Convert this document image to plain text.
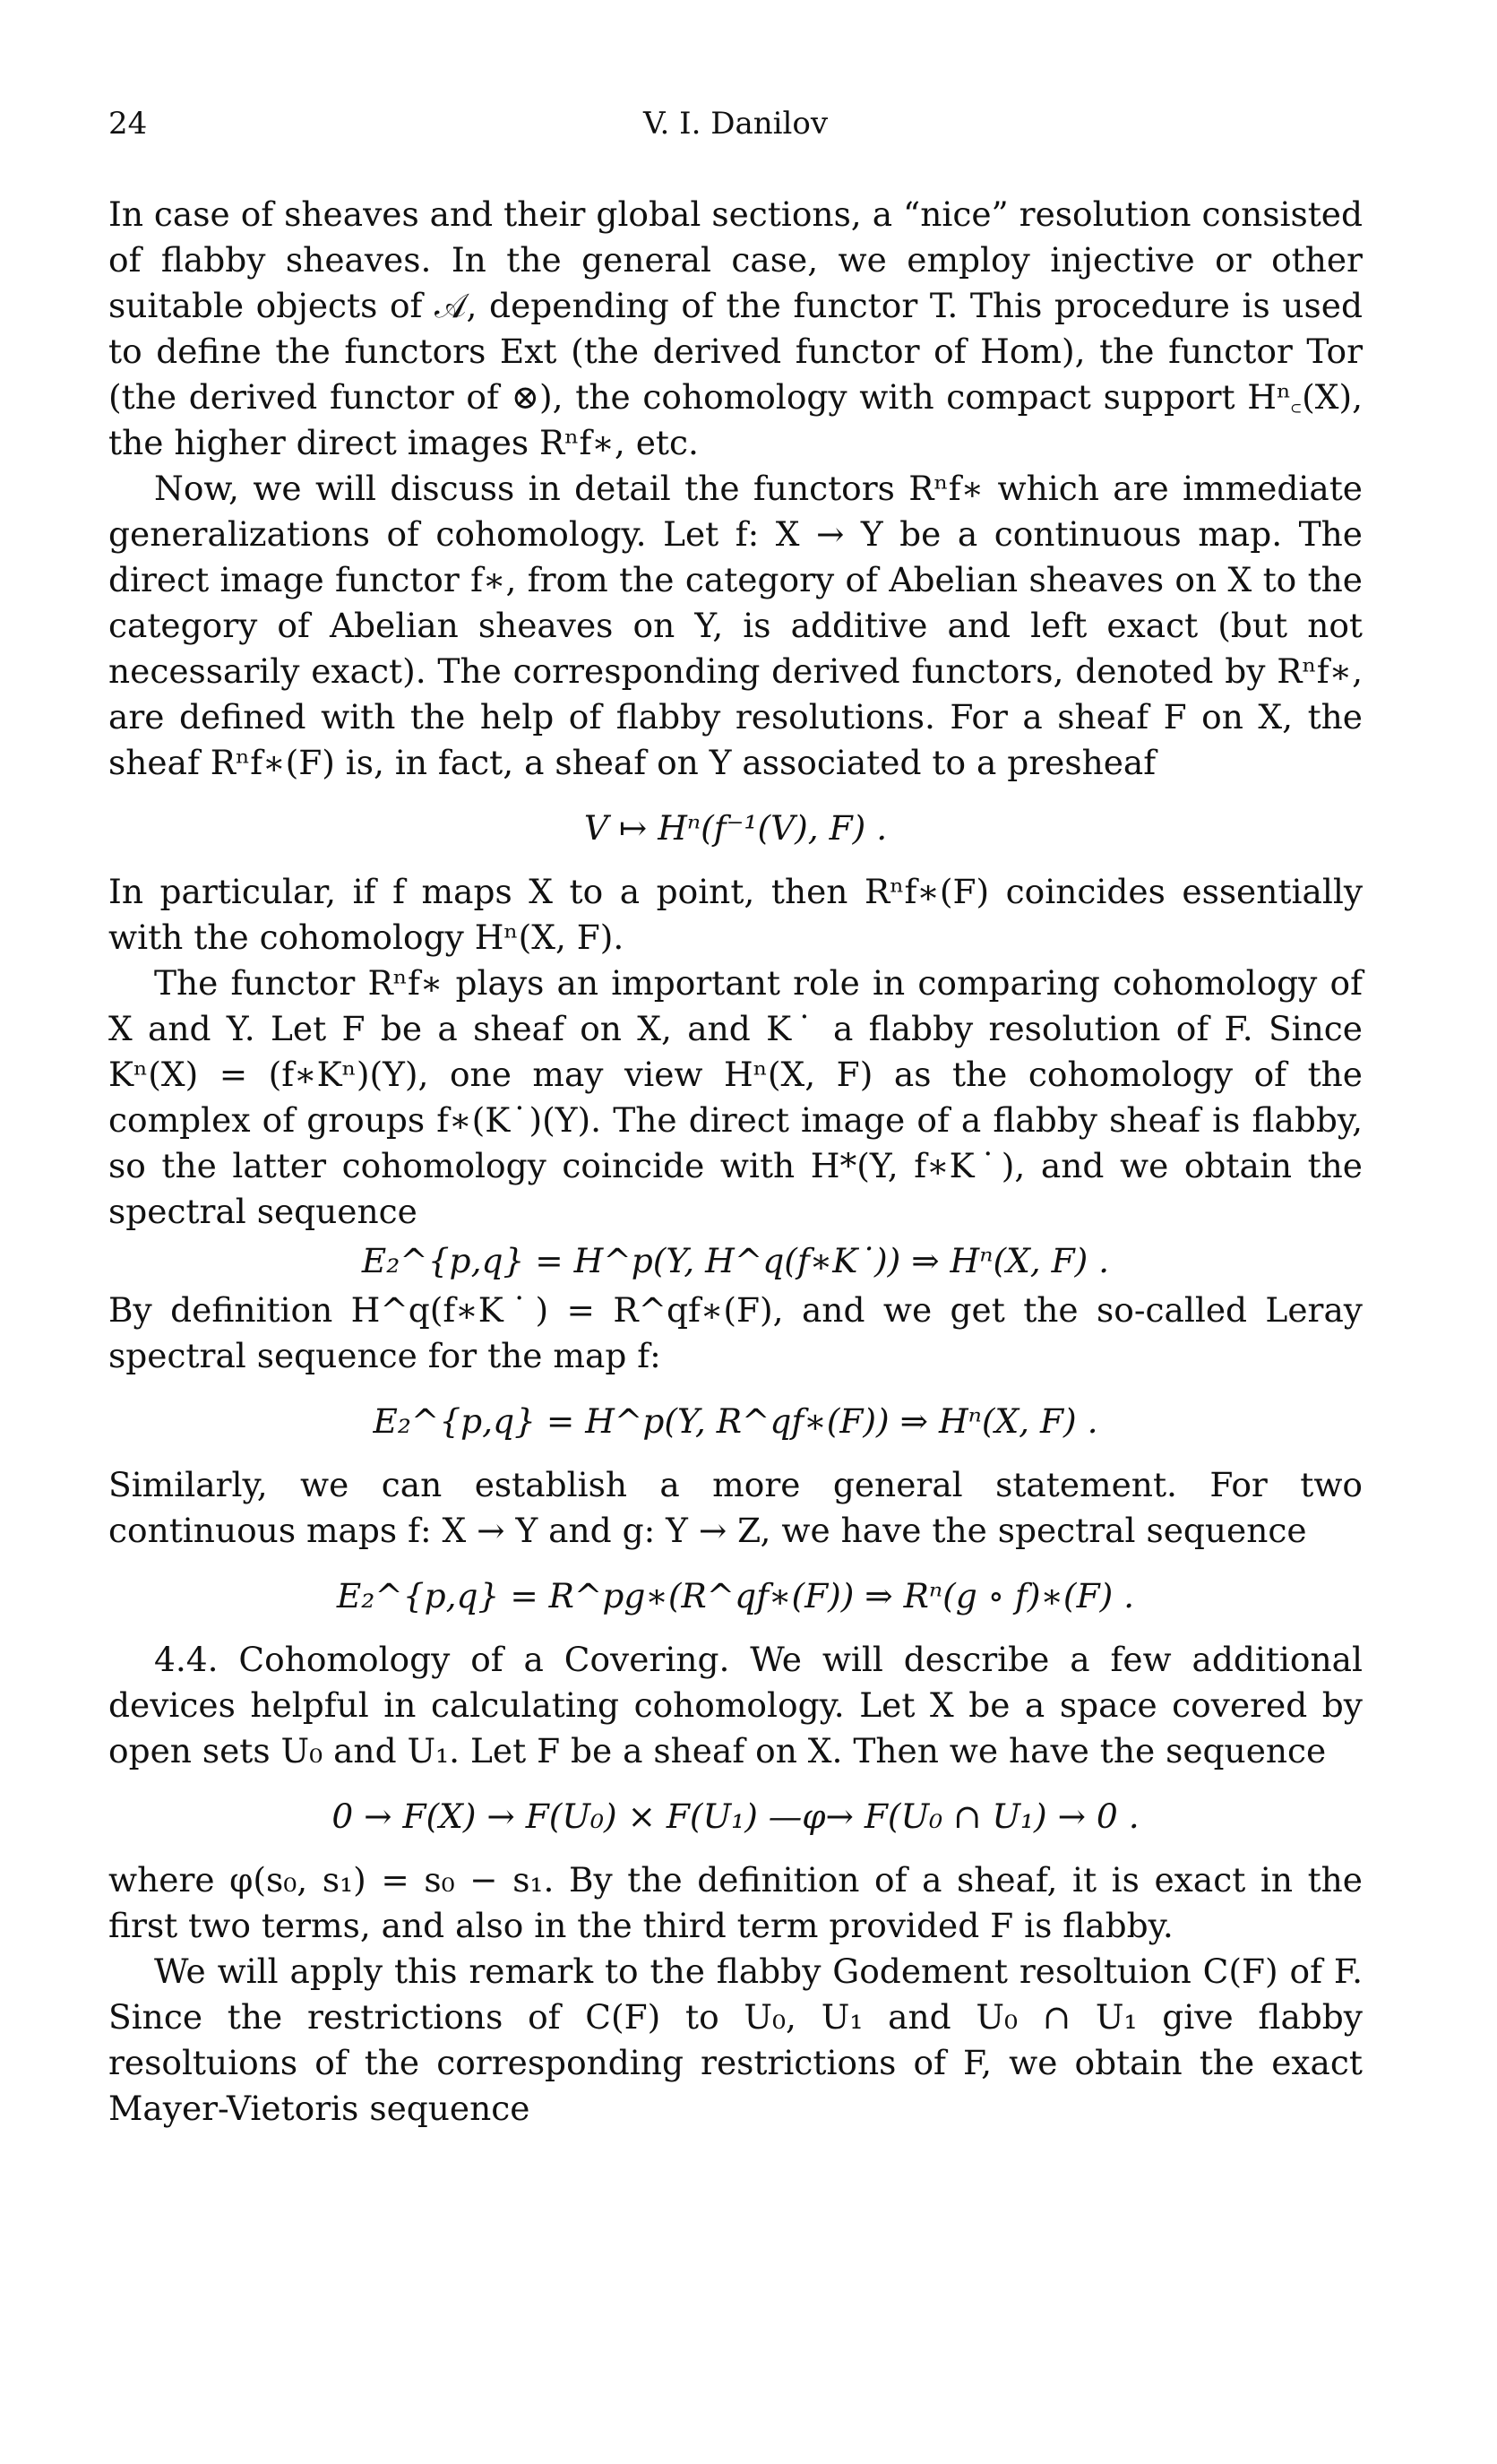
24	V. I. Danilov

In case of sheaves and their global sections, a “nice” resolution consisted of flabby sheaves. In the general case, we employ injective or other suitable objects of 𝒜, depending of the functor T. This procedure is used to define the functors Ext (the derived functor of Hom), the functor Tor (the derived functor of ⊗), the cohomology with compact support Hⁿ꜀(X), the higher direct images Rⁿf∗, etc.

Now, we will discuss in detail the functors Rⁿf∗ which are immediate generalizations of cohomology. Let f: X → Y be a continuous map. The direct image functor f∗, from the category of Abelian sheaves on X to the category of Abelian sheaves on Y, is additive and left exact (but not necessarily exact). The corresponding derived functors, denoted by Rⁿf∗, are defined with the help of flabby resolutions. For a sheaf F on X, the sheaf Rⁿf∗(F) is, in fact, a sheaf on Y associated to a presheaf

V ↦ Hⁿ(f⁻¹(V), F) .

In particular, if f maps X to a point, then Rⁿf∗(F) coincides essentially with the cohomology Hⁿ(X, F).

The functor Rⁿf∗ plays an important role in comparing cohomology of X and Y. Let F be a sheaf on X, and K˙ a flabby resolution of F. Since Kⁿ(X) = (f∗Kⁿ)(Y), one may view Hⁿ(X, F) as the cohomology of the complex of groups f∗(K˙)(Y). The direct image of a flabby sheaf is flabby, so the latter cohomology coincide with H*(Y, f∗K˙), and we obtain the spectral sequence

E₂^{p,q} = H^p(Y, H^q(f∗K˙)) ⇒ Hⁿ(X, F) .

By definition H^q(f∗K˙) = R^qf∗(F), and we get the so-called Leray spectral sequence for the map f:

E₂^{p,q} = H^p(Y, R^qf∗(F)) ⇒ Hⁿ(X, F) .

Similarly, we can establish a more general statement. For two continuous maps f: X → Y and g: Y → Z, we have the spectral sequence

E₂^{p,q} = R^pg∗(R^qf∗(F)) ⇒ Rⁿ(g ∘ f)∗(F) .

4.4. Cohomology of a Covering. We will describe a few additional devices helpful in calculating cohomology. Let X be a space covered by open sets U₀ and U₁. Let F be a sheaf on X. Then we have the sequence

0 → F(X) → F(U₀) × F(U₁) —φ→ F(U₀ ∩ U₁) → 0 .

where φ(s₀, s₁) = s₀ − s₁. By the definition of a sheaf, it is exact in the first two terms, and also in the third term provided F is flabby.

We will apply this remark to the flabby Godement resoltuion C(F) of F. Since the restrictions of C(F) to U₀, U₁ and U₀ ∩ U₁ give flabby resoltuions of the corresponding restrictions of F, we obtain the exact Mayer-Vietoris sequence
